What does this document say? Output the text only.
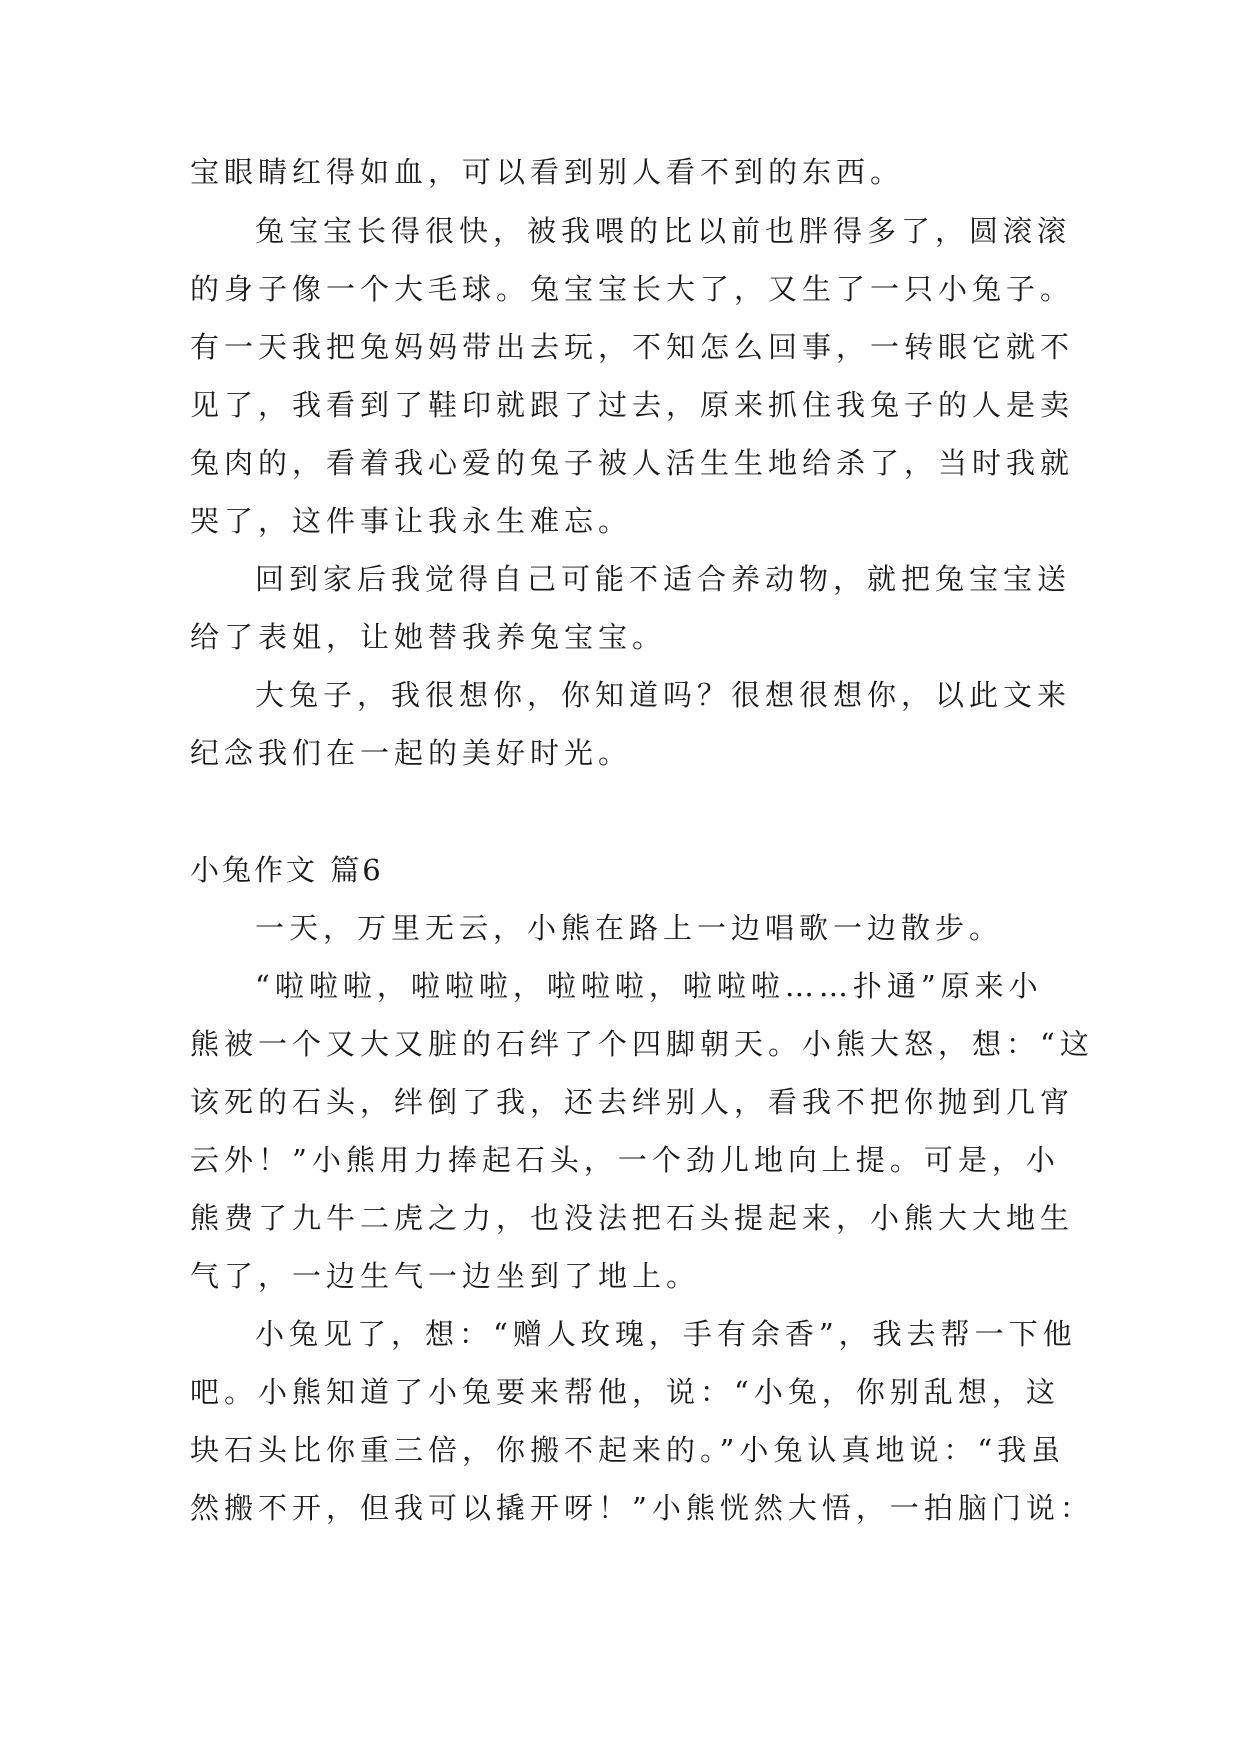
宝眼睛红得如血，可以看到别人看不到的东西。
兔宝宝长得很快，被我喂的比以前也胖得多了，圆滚滚
的身子像一个大毛球。兔宝宝长大了，又生了一只小兔子。
有一天我把兔妈妈带出去玩，不知怎么回事，一转眼它就不
见了，我看到了鞋印就跟了过去，原来抓住我兔子的人是卖
兔肉的，看着我心爱的兔子被人活生生地给杀了，当时我就
哭了，这件事让我永生难忘。
回到家后我觉得自己可能不适合养动物，就把兔宝宝送
给了表姐，让她替我养兔宝宝。
大兔子，我很想你，你知道吗？很想很想你，以此文来
纪念我们在一起的美好时光。
小兔作文 篇6
一天，万里无云，小熊在路上一边唱歌一边散步。
“啦啦啦，啦啦啦，啦啦啦，啦啦啦……扑通”原来小
熊被一个又大又脏的石绊了个四脚朝天。小熊大怒，想：“这
该死的石头，绊倒了我，还去绊别人，看我不把你抛到几宵
云外！”小熊用力捧起石头，一个劲儿地向上提。可是，小
熊费了九牛二虎之力，也没法把石头提起来，小熊大大地生
气了，一边生气一边坐到了地上。
小兔见了，想：“赠人玫瑰，手有余香”，我去帮一下他
吧。小熊知道了小兔要来帮他，说：“小兔，你别乱想，这
块石头比你重三倍，你搬不起来的。”小兔认真地说：“我虽
然搬不开，但我可以撬开呀！”小熊恍然大悟，一拍脑门说：
